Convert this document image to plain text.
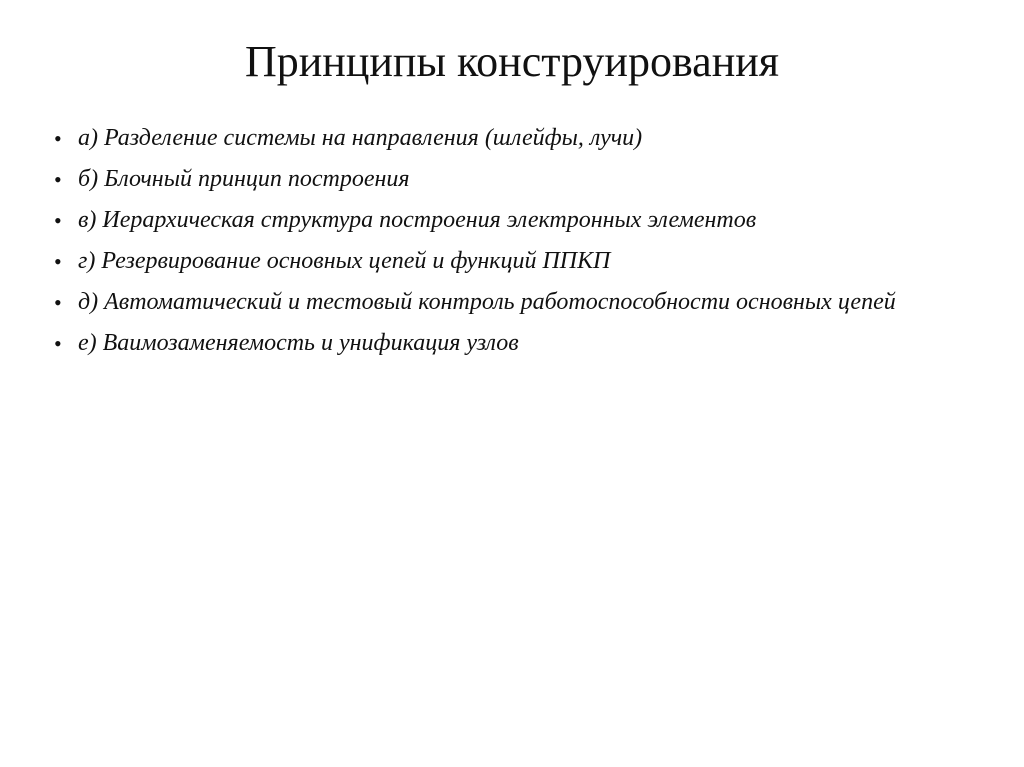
Принципы конструирования
• а) Разделение системы на направления (шлейфы, лучи)
• б) Блочный принцип построения
• в) Иерархическая структура построения электронных элементов
• г) Резервирование основных цепей и функций ППКП
• д) Автоматический и тестовый контроль работоспособности основных цепей
• е) Ваимозаменяемость и унификация узлов
